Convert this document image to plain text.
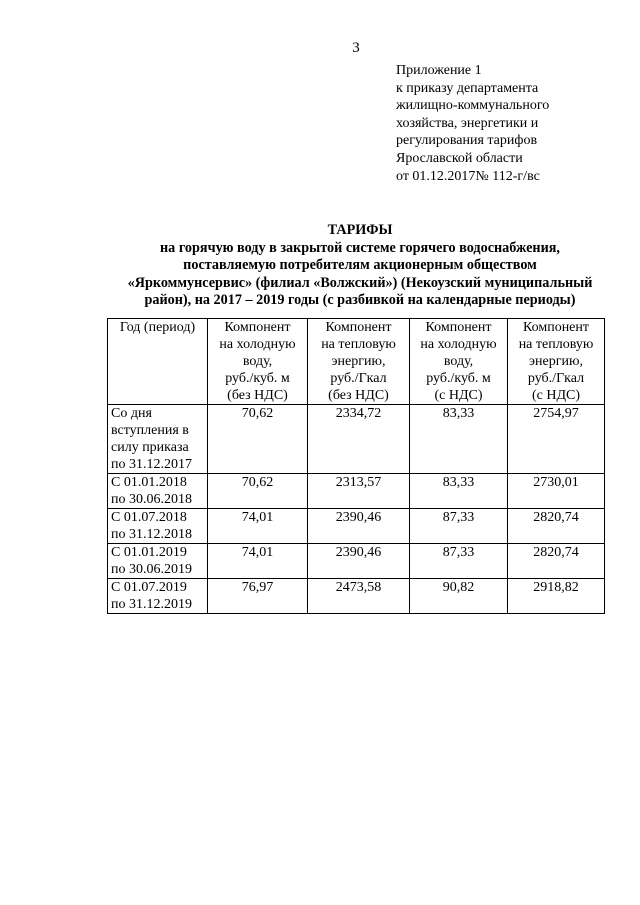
3
Приложение 1
к приказу департамента
жилищно-коммунального
хозяйства, энергетики и
регулирования тарифов
Ярославской области
от 01.12.2017№ 112-г/вс
ТАРИФЫ
на горячую воду в закрытой системе горячего водоснабжения,
поставляемую потребителям акционерным обществом
«Яркоммунсервис» (филиал «Волжский») (Некоузский муниципальный
район), на 2017 – 2019 годы (с разбивкой на календарные периоды)
Год (период)	Компонент
на холодную
воду,
руб./куб. м
(без НДС)	Компонент
на тепловую
энергию,
руб./Гкал
(без НДС)	Компонент
на холодную
воду,
руб./куб. м
(с НДС)	Компонент
на тепловую
энергию,
руб./Гкал
(с НДС)

Со дня
вступления в
силу приказа
по 31.12.2017	70,62	2334,72	83,33	2754,97

С 01.01.2018
по 30.06.2018	70,62	2313,57	83,33	2730,01

С 01.07.2018
по 31.12.2018	74,01	2390,46	87,33	2820,74

С 01.01.2019
по 30.06.2019	74,01	2390,46	87,33	2820,74

С 01.07.2019
по 31.12.2019	76,97	2473,58	90,82	2918,82
